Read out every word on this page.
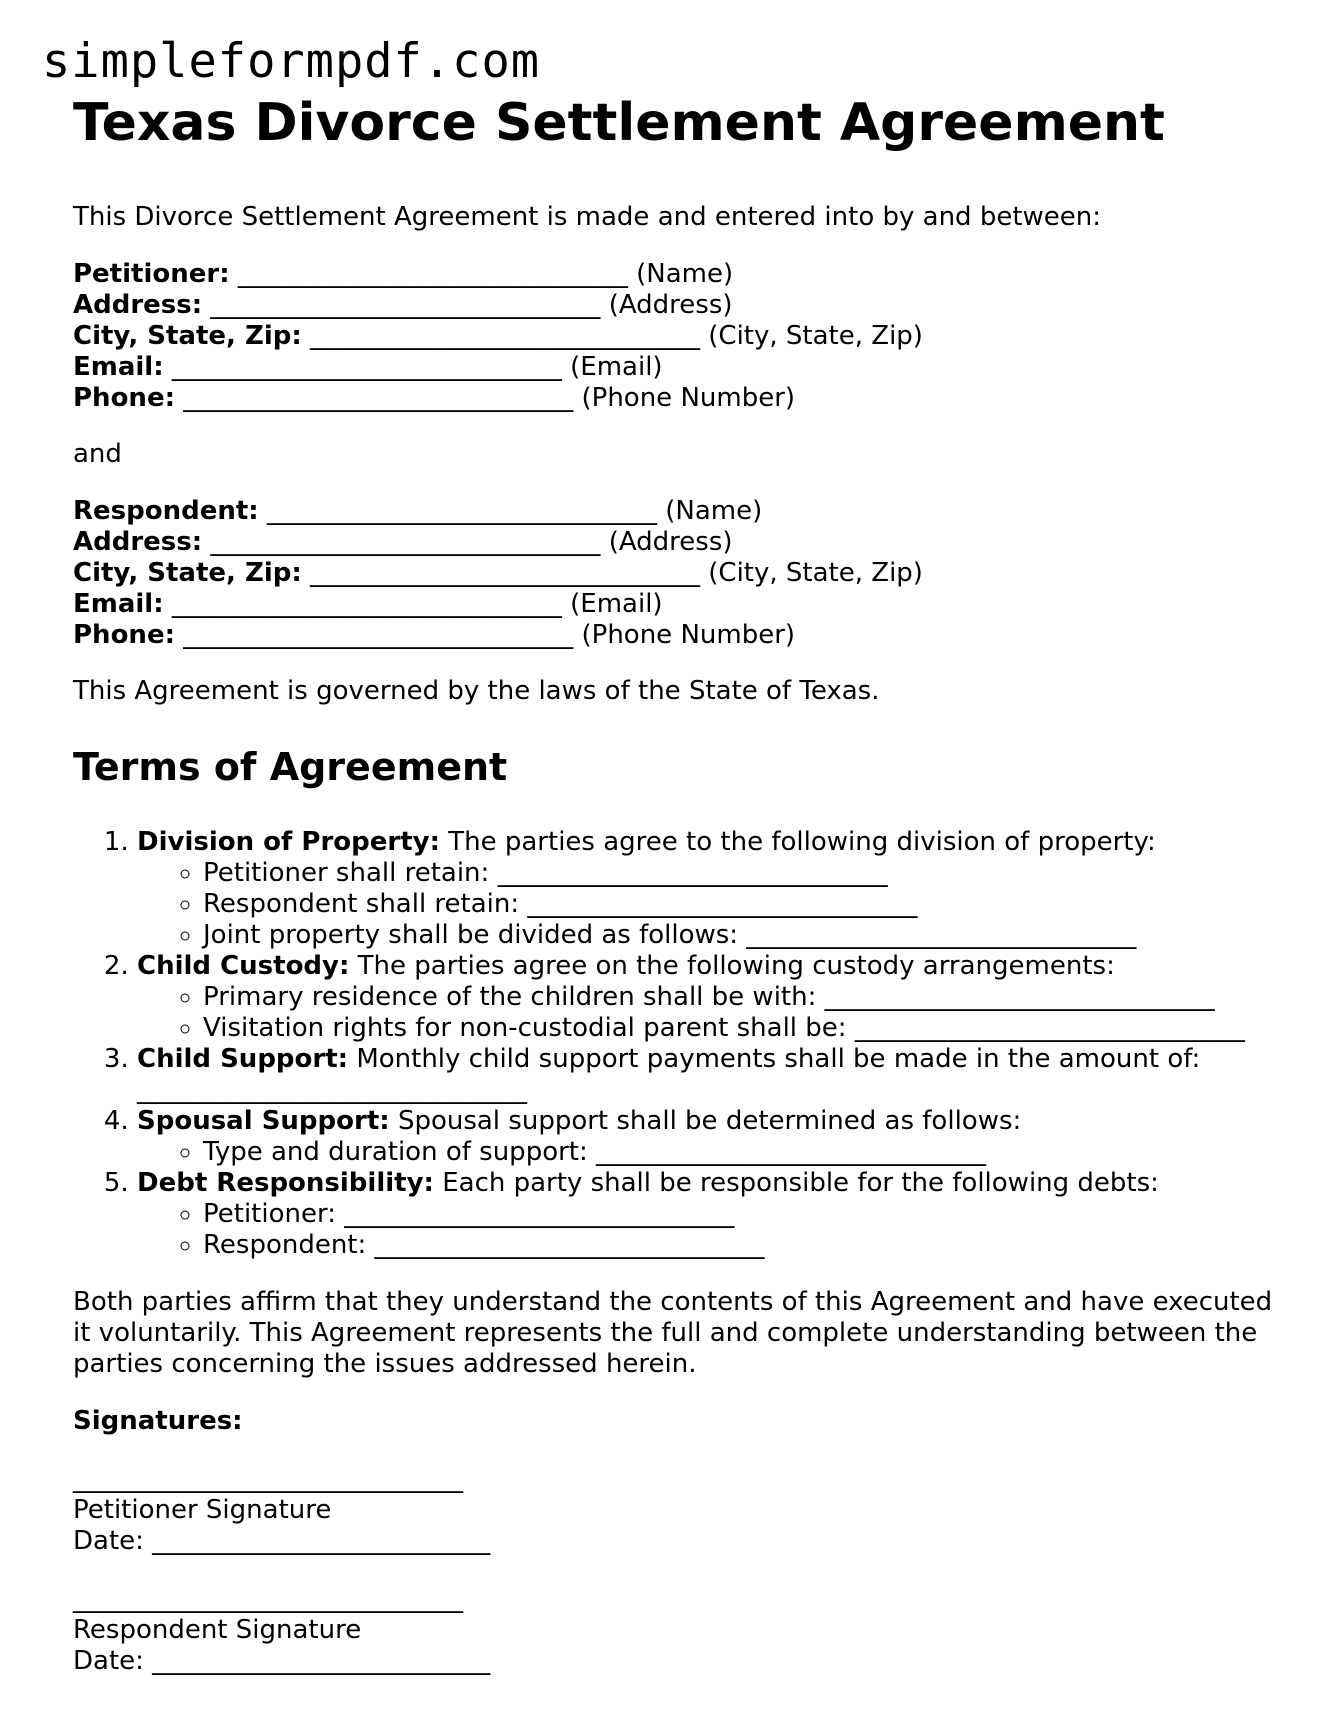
simpleformpdf.com
Texas Divorce Settlement Agreement

This Divorce Settlement Agreement is made and entered into by and between:

Petitioner: ______________________________ (Name)
Address: ______________________________ (Address)
City, State, Zip: ______________________________ (City, State, Zip)
Email: ______________________________ (Email)
Phone: ______________________________ (Phone Number)

and

Respondent: ______________________________ (Name)
Address: ______________________________ (Address)
City, State, Zip: ______________________________ (City, State, Zip)
Email: ______________________________ (Email)
Phone: ______________________________ (Phone Number)

This Agreement is governed by the laws of the State of Texas.

Terms of Agreement
1. Division of Property: The parties agree to the following division of property:
◦ Petitioner shall retain: ______________________________
◦ Respondent shall retain: ______________________________
◦ Joint property shall be divided as follows: ______________________________
2. Child Custody: The parties agree on the following custody arrangements:
◦ Primary residence of the children shall be with: ______________________________
◦ Visitation rights for non-custodial parent shall be: ______________________________
3. Child Support: Monthly child support payments shall be made in the amount of:
______________________________

4. Spousal Support: Spousal support shall be determined as follows:
◦ Type and duration of support: ______________________________
5. Debt Responsibility: Each party shall be responsible for the following debts:
◦ Petitioner: ______________________________
◦ Respondent: ______________________________

Both parties affirm that they understand the contents of this Agreement and have executed it voluntarily. This Agreement represents the full and complete understanding between the parties concerning the issues addressed herein.

Signatures:

______________________________

Petitioner Signature

Date: __________________________

______________________________

Respondent Signature

Date: __________________________
